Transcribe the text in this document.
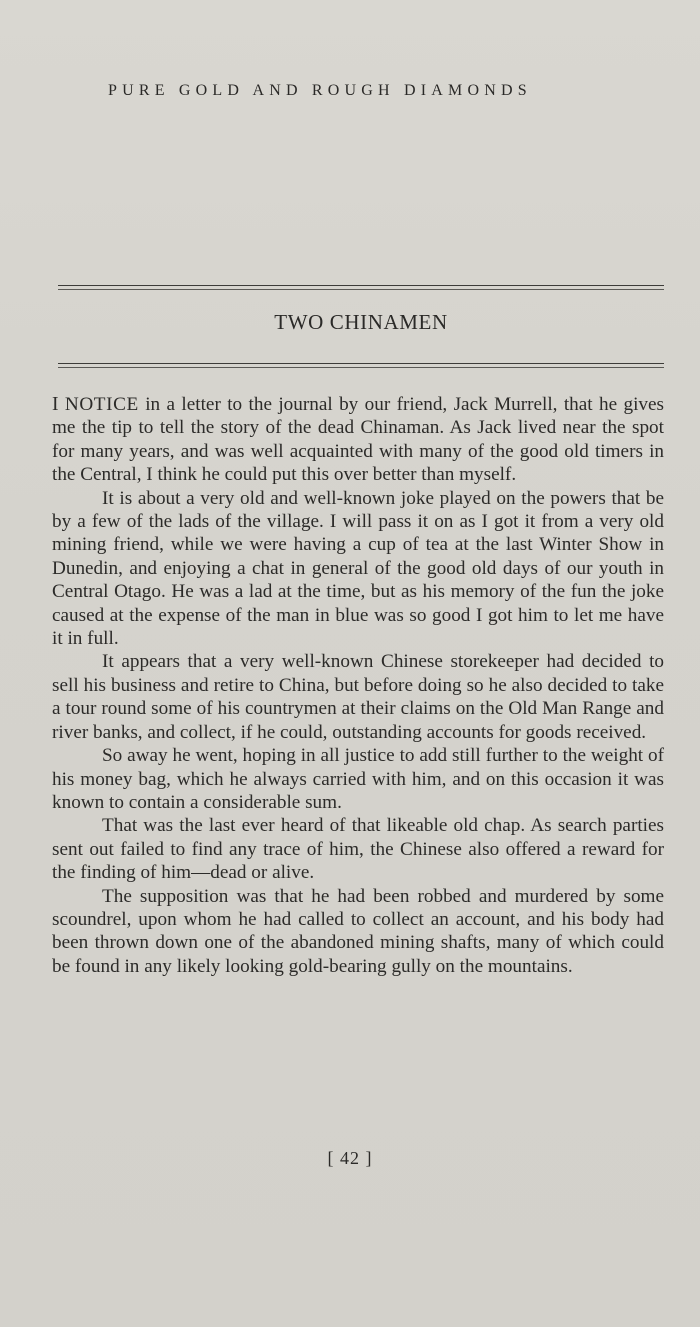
PURE GOLD AND ROUGH DIAMONDS
TWO CHINAMEN

I NOTICE in a letter to the journal by our friend, Jack Murrell, that he gives me the tip to tell the story of the dead Chinaman. As Jack lived near the spot for many years, and was well acquainted with many of the good old timers in the Central, I think he could put this over better than myself.

It is about a very old and well-known joke played on the powers that be by a few of the lads of the village. I will pass it on as I got it from a very old mining friend, while we were having a cup of tea at the last Winter Show in Dunedin, and enjoying a chat in general of the good old days of our youth in Central Otago. He was a lad at the time, but as his memory of the fun the joke caused at the expense of the man in blue was so good I got him to let me have it in full.

It appears that a very well-known Chinese storekeeper had decided to sell his business and retire to China, but before doing so he also decided to take a tour round some of his countrymen at their claims on the Old Man Range and river banks, and collect, if he could, outstanding accounts for goods received.

So away he went, hoping in all justice to add still further to the weight of his money bag, which he always carried with him, and on this occasion it was known to contain a considerable sum.

That was the last ever heard of that likeable old chap. As search parties sent out failed to find any trace of him, the Chinese also offered a reward for the finding of him—dead or alive.

The supposition was that he had been robbed and murdered by some scoundrel, upon whom he had called to collect an account, and his body had been thrown down one of the abandoned mining shafts, many of which could be found in any likely looking gold-bearing gully on the mountains.

[ 42 ]
